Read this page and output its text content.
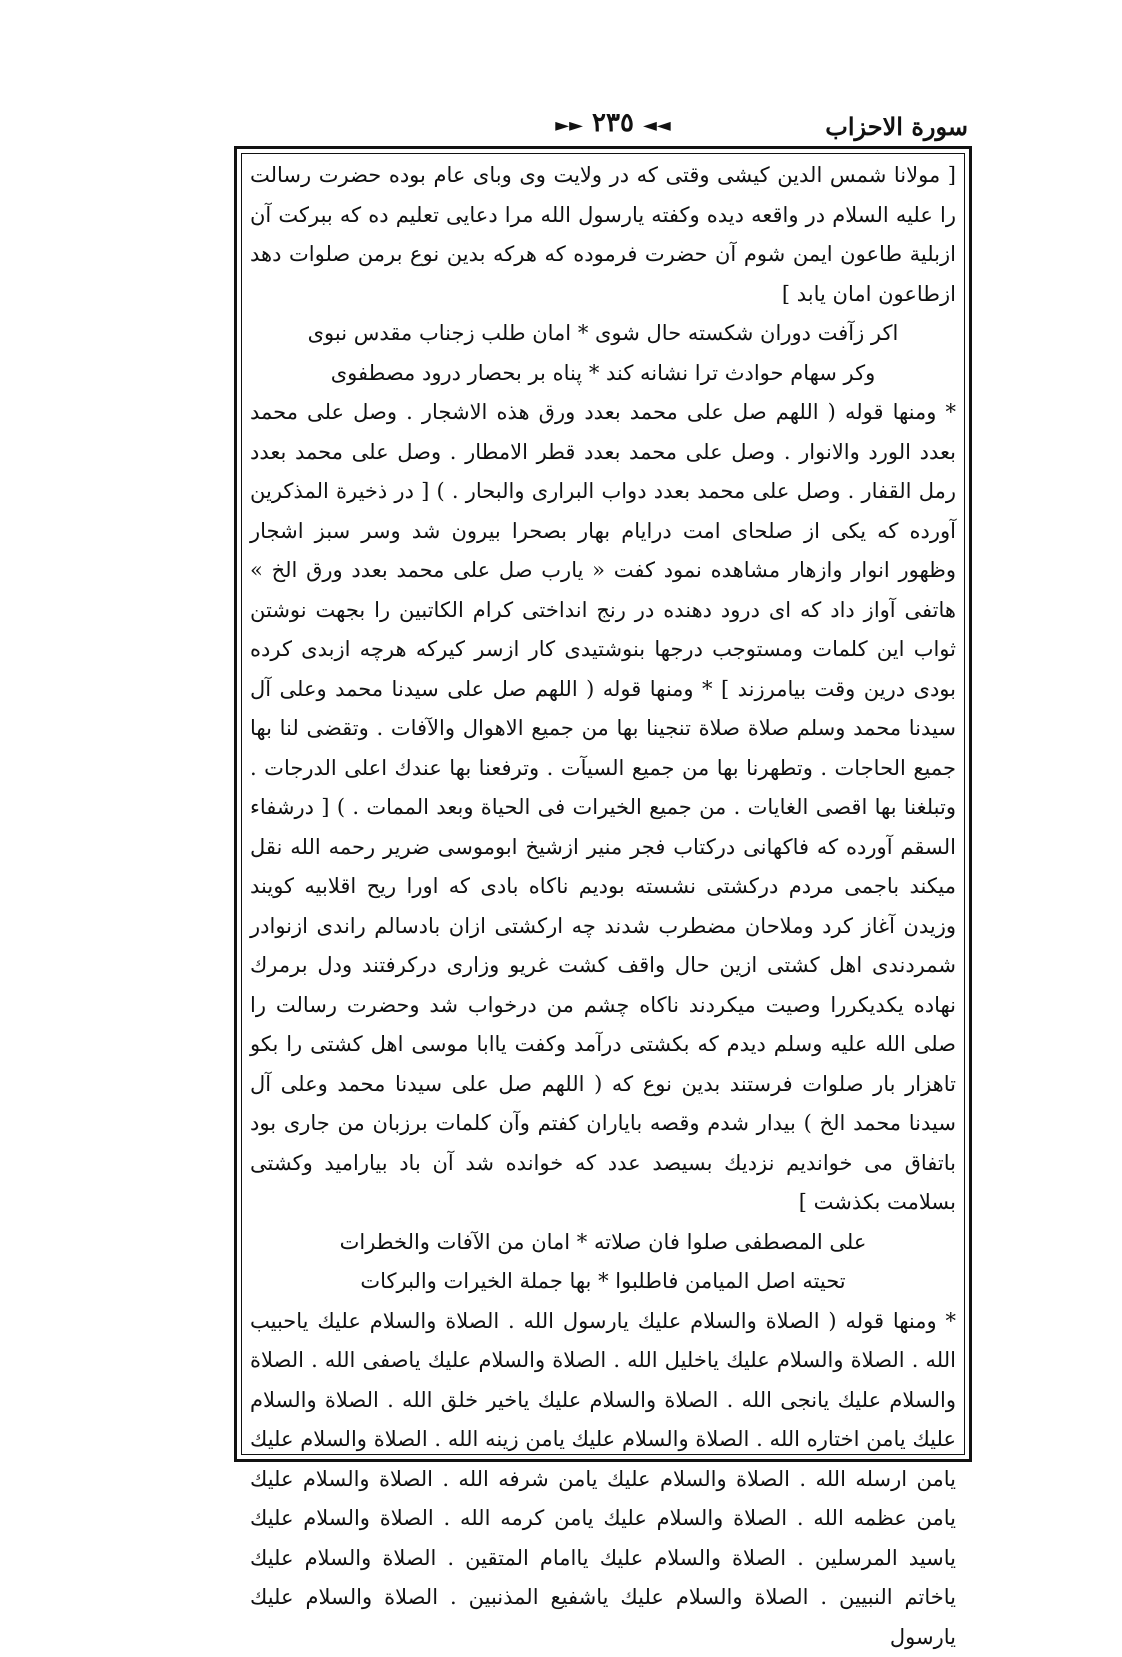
◄◄ ٢٣٥ ►►	سورة الاحزاب

[ مولانا شمس الدين كيشى وقتى كه در ولايت وى وباى عام بوده حضرت رسالت را عليه السلام در واقعه ديده وكفته يارسول الله مرا دعايى تعليم ده كه ببركت آن ازبلية طاعون ايمن شوم آن حضرت فرموده كه هركه بدين نوع برمن صلوات دهد ازطاعون امان يابد ]

اكر زآفت دوران شكسته حال شوى * امان طلب زجناب مقدس نبوى

وكر سهام حوادث ترا نشانه كند * پناه بر بحصار درود مصطفوى

* ومنها قوله ( اللهم صل على محمد بعدد ورق هذه الاشجار . وصل على محمد بعدد الورد والانوار . وصل على محمد بعدد قطر الامطار . وصل على محمد بعدد رمل القفار . وصل على محمد بعدد دواب البرارى والبحار . ) [ در ذخيرة المذكرين آورده كه يكى از صلحاى امت درايام بهار بصحرا بيرون شد وسر سبز اشجار وظهور انوار وازهار مشاهده نمود كفت « يارب صل على محمد بعدد ورق الخ » هاتفى آواز داد كه اى درود دهنده در رنج انداختى كرام الكاتبين را بجهت نوشتن ثواب اين كلمات ومستوجب درجها بنوشتيدى كار ازسر كيركه هرچه ازبدى كرده بودى درين وقت بيامرزند ] * ومنها قوله ( اللهم صل على سيدنا محمد وعلى آل سيدنا محمد وسلم صلاة صلاة تنجينا بها من جميع الاهوال والآفات . وتقضى لنا بها جميع الحاجات . وتطهرنا بها من جميع السيآت . وترفعنا بها عندك اعلى الدرجات . وتبلغنا بها اقصى الغايات . من جميع الخيرات فى الحياة وبعد الممات . ) [ درشفاء السقم آورده كه فاكهانى دركتاب فجر منير ازشيخ ابوموسى ضرير رحمه الله نقل ميكند باجمى مردم دركشتى نشسته بوديم ناكاه بادى كه اورا ريح اقلابيه كويند وزيدن آغاز كرد وملاحان مضطرب شدند چه اركشتى ازان بادسالم راندى ازنوادر شمردندى اهل كشتى ازين حال واقف كشت غريو وزارى دركرفتند ودل برمرك نهاده يكديكررا وصيت ميكردند ناكاه چشم من درخواب شد وحضرت رسالت را صلى الله عليه وسلم ديدم كه بكشتى درآمد وكفت ياابا موسى اهل كشتى را بكو تاهزار بار صلوات فرستند بدين نوع كه ( اللهم صل على سيدنا محمد وعلى آل سيدنا محمد الخ ) بيدار شدم وقصه باياران كفتم وآن كلمات برزبان من جارى بود باتفاق مى خوانديم نزديك بسيصد عدد كه خوانده شد آن باد بيارامید وكشتى بسلامت بكذشت ]

على المصطفى صلوا فان صلاته * امان من الآفات والخطرات

تحيته اصل الميامن فاطلبوا * بها جملة الخيرات والبركات

* ومنها قوله ( الصلاة والسلام عليك يارسول الله . الصلاة والسلام عليك ياحبيب الله . الصلاة والسلام عليك ياخليل الله . الصلاة والسلام عليك ياصفى الله . الصلاة والسلام عليك يانجى الله . الصلاة والسلام عليك ياخير خلق الله . الصلاة والسلام عليك يامن اختاره الله . الصلاة والسلام عليك يامن زينه الله . الصلاة والسلام عليك يامن ارسله الله . الصلاة والسلام عليك يامن شرفه الله . الصلاة والسلام عليك يامن عظمه الله . الصلاة والسلام عليك يامن كرمه الله . الصلاة والسلام عليك ياسيد المرسلين . الصلاة والسلام عليك ياامام المتقين . الصلاة والسلام عليك ياخاتم النبيين . الصلاة والسلام عليك ياشفيع المذنبين . الصلاة والسلام عليك يارسول
